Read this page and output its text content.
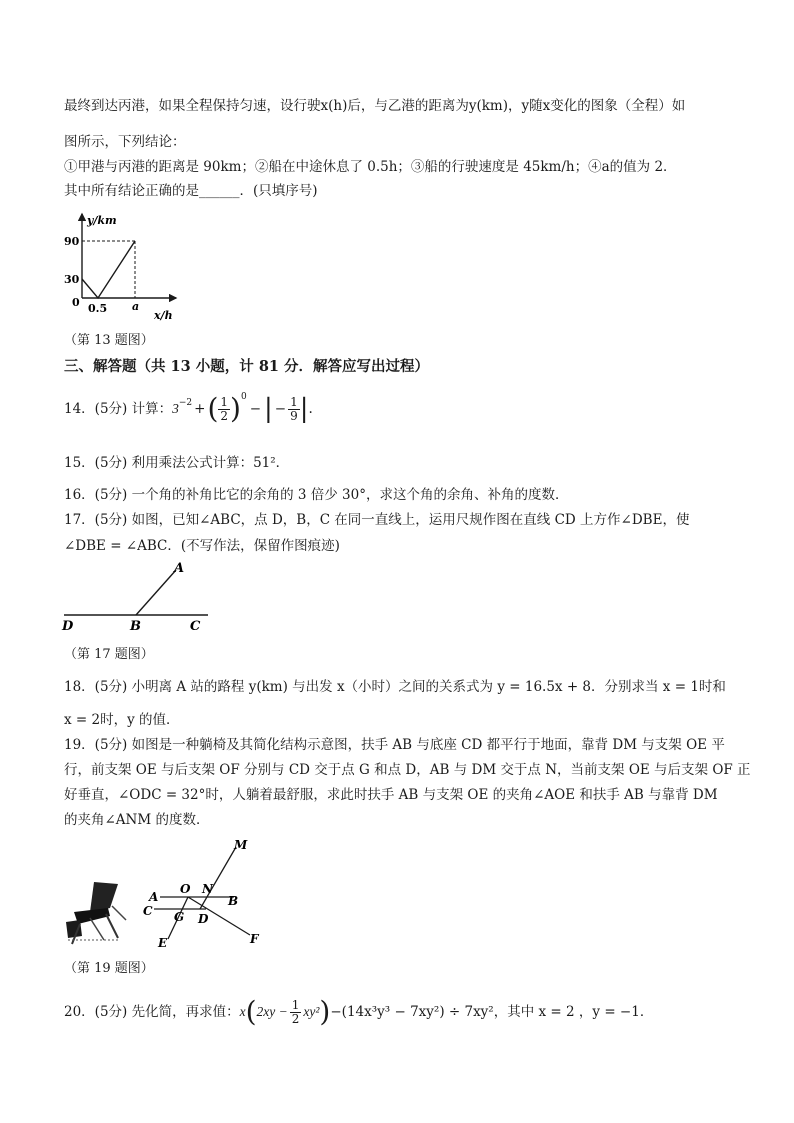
最终到达丙港，如果全程保持匀速，设行驶x(h)后，与乙港的距离为y(km)，y随x变化的图象（全程）如
图所示，下列结论：
①甲港与丙港的距离是 90km；②船在中途休息了 0.5h；③船的行驶速度是 45km/h；④a的值为 2．
其中所有结论正确的是______．(只填序号)
y/km
90
30
0 0.5 a
x/h
（第 13 题图）
三、解答题（共 13 小题，计 81 分．解答应写出过程）
14．(5分) 计算： $3^{-2}$ + ( $\frac{1}{2} )^0$
− | − $\frac{1}{9}$ | .
15．(5分) 利用乘法公式计算：51²．
16．(5分) 一个角的补角比它的余角的 3 倍少 30°，求这个角的余角、补角的度数．
17．(5分) 如图，已知∠ABC，点 D，B，C 在同一直线上，运用尺规作图在直线 CD 上方作∠DBE，使
∠DBE = ∠ABC．(不写作法，保留作图痕迹)
A
D	B	C
（第 17 题图）
18．(5分) 小明离 A 站的路程 y(km) 与出发 x（小时）之间的关系式为 y = 16.5x + 8．分别求当 x = 1时和
x = 2时，y 的值．
19．(5分) 如图是一种躺椅及其简化结构示意图，扶手 AB 与底座 CD 都平行于地面，靠背 DM 与支架 OE 平
行，前支架 OE 与后支架 OF 分别与 CD 交于点 G 和点 D，AB 与 DM 交于点 N，当前支架 OE 与后支架 OF 正
好垂直，∠ODC = 32°时，人躺着最舒服，求此时扶手 AB 与支架 OE 的夹角∠AOE 和扶手 AB 与靠背 DM
的夹角∠ANM 的度数．
M
A
O N
B
C G D
E	F
（第 19 题图）
20．(5分) 先化简，再求值： x ( $2xy - \frac{1}{2} xy^2$ ) −(14x³y³ − 7xy²) ÷ 7xy²，其中 x = 2 ，y = −1．
